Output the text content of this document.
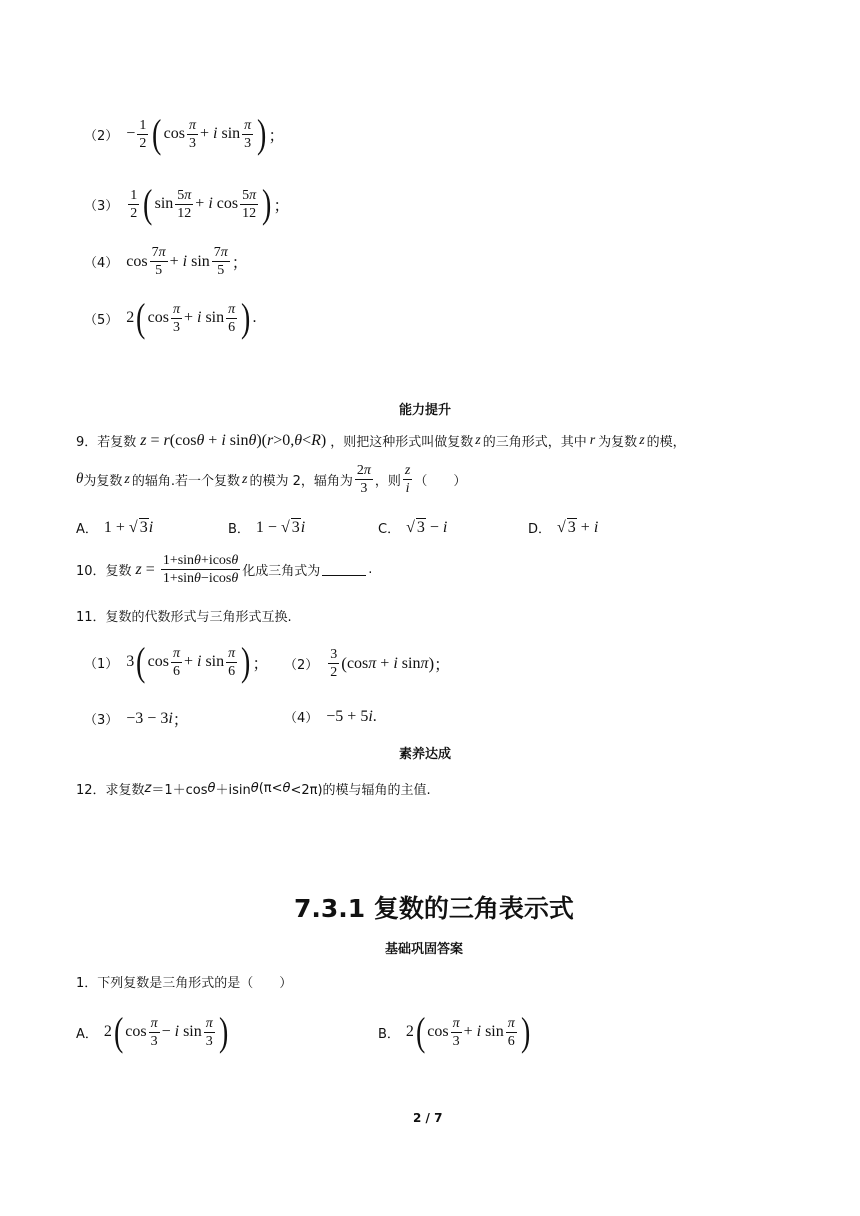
$(2) - \frac{1}{2}$ ( $\cos \frac{\pi}{3} + i$ $\sin \frac{\pi}{3}$ ) ；
$(3) \frac{1}{2}$ ( $\sin \frac{5\pi}{12} + i$ $\cos \frac{5\pi}{12}$ ) ；
（4） $\cos \frac{7\pi}{5} + i$ $\sin \frac{7\pi}{5}$ ；
（5） 2 ( $\cos \frac{\pi}{3} + i$ $\sin \frac{\pi}{6}$ ) .
能力提升
9．若复数 z = r (cos θ + i sin θ )( r >0, θ < R ) ，则把这种形式叫做复数 z 的三角形式，其中 r 为复数 z 的模，
θ 为复数 z 的辐角.若一个复数 z 的模为 2，辐角为 $\frac{2\pi}{3}$ ，则 $\frac{z}{i}$ （　　）
A． 1 + √ 3 i	B． 1 − √ 3 i	C． √ 3 − i	D． √ 3 + i
10．复数 $z = \frac{1+\sin\theta+icos\theta}{1+\sin\theta-icos\theta}$ 化成三角式为	.
11．复数的代数形式与三角形式互换.
（1） 3 ( $\cos \frac{\pi}{6} + i$ $\sin \frac{\pi}{6}$ ) ； $(2) \frac{3}{2}$ ( cos π + i sin π ) ；
（3） −3 − 3 i ；	（4） −5 + 5 i .
素养达成
12．求复数 z ＝1＋cos θ ＋isin θ (π< θ <2π)的模与辐角的主值.
7.3.1 复数的三角表示式
基础巩固答案
1．下列复数是三角形式的是（　　）
A． 2 ( $\cos \frac{\pi}{3} - i$ $\sin \frac{\pi}{3}$ )	B． 2 ( $\cos \frac{\pi}{3} + i$ $\sin \frac{\pi}{6}$ )
2 / 7
